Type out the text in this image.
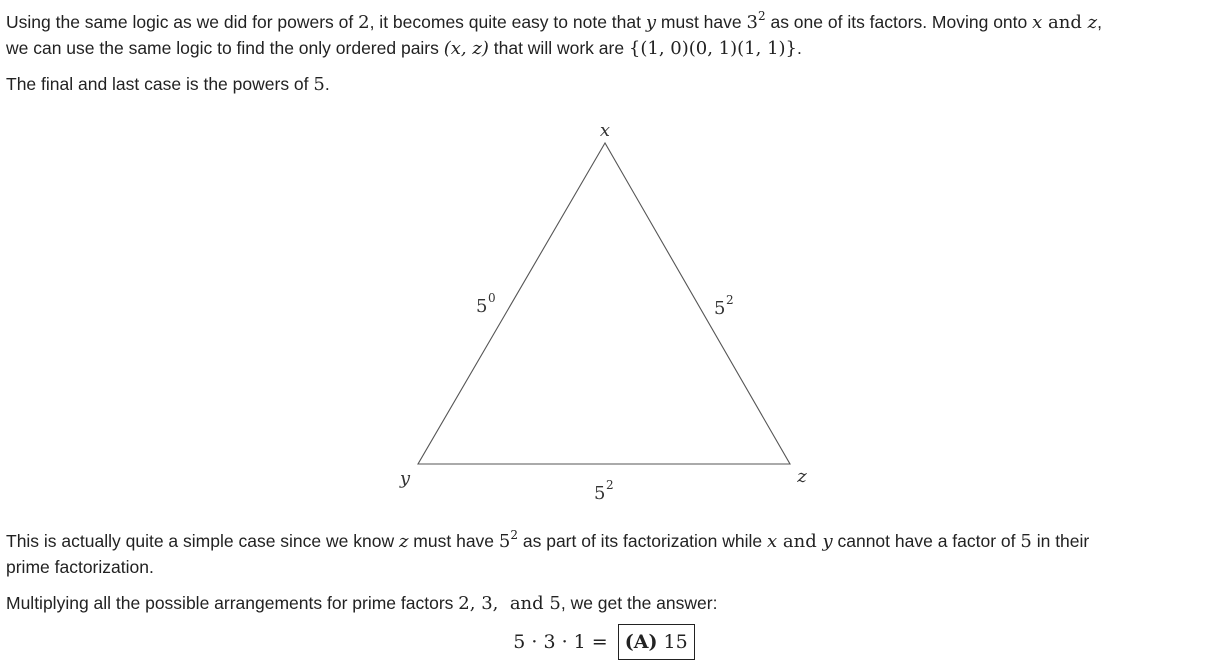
Using the same logic as we did for powers of 2, it becomes quite easy to note that y must have $3^2$ as one of its factors. Moving onto x and z,

we can use the same logic to find the only ordered pairs (x, z) that will work are {(1, 0)(0, 1)(1, 1)}.

The final and last case is the powers of 5.

x
y	z
5 0	5 2
5 2

This is actually quite a simple case since we know z must have $5^2$ as part of its factorization while x and y cannot have a factor of 5 in their

prime factorization.

Multiplying all the possible arrangements for prime factors 2, 3,  and 5, we get the answer:

5 · 3 · 1 = (A) 15
